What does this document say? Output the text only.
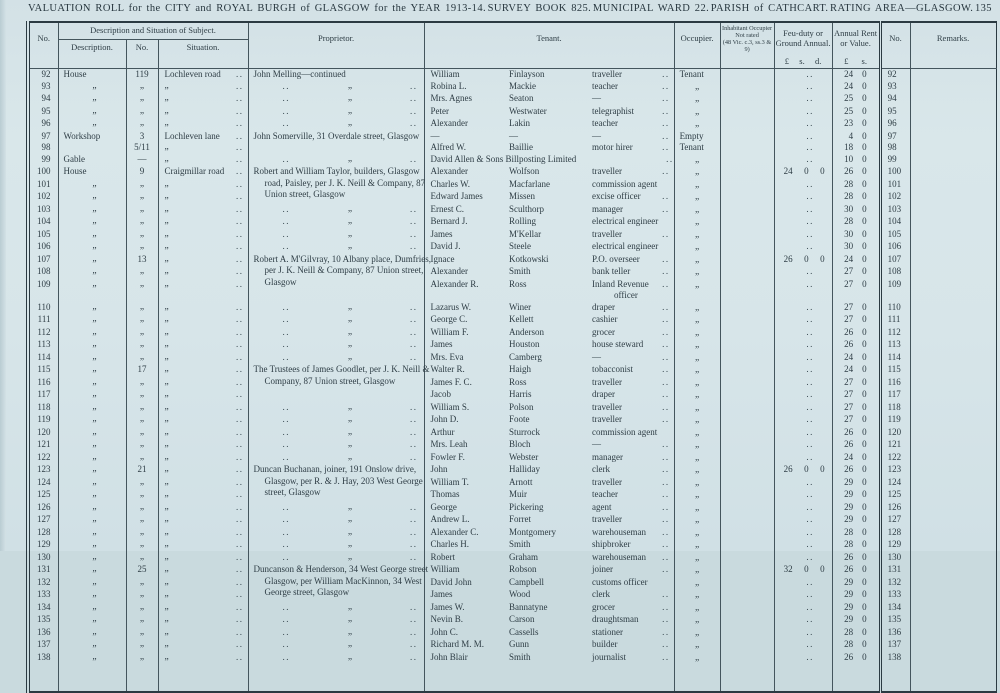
VALUATION ROLL for the CITY and ROYAL BURGH of GLASGOW for the YEAR 1913-14. SURVEY BOOK 825. MUNICIPAL WARD 22. PARISH of CATHCART. RATING AREA—GLASGOW. 135
No.	Description and Situation of Subject.			Proprietor.	Tenant.			Occupier.	Inhabitant Occupier
Not rated
(48 Vic. c.3, ss.3 & 9)	Feu-duty or Ground Annual.	Annual Rent or Value.	No.	Remarks.
	Description.	No.	Situation.										

										£ s. d.	£ s.		

92	House	119	Lochleven road ..	John Melling—continued	William	Finlayson	traveller ..	Tenant		..	24 0	92	
93	„	„	„ ..	.. „ ..	Robina L.	Mackie	teacher ..	„		..	24 0	93	
94	„	„	„ ..	.. „ ..	Mrs. Agnes	Seaton	— ..	„		..	25 0	94	
95	„	„	„ ..	.. „ ..	Peter	Westwater	telegraphist ..	„		..	25 0	95	
96	„	„	„ ..	.. „ ..	Alexander	Lakin	teacher ..	„		..	23 0	96	
97	Workshop	3	Lochleven lane ..	John Somerville, 31 Overdale street, Glasgow	—	—	— ..	Empty		..	4 0	97	
98		5/11	„ ..		Alfred W.	Baillie	motor hirer ..	Tenant		..	18 0	98	
99	Gable	—	„ ..	.. „ ..	David Allen & Sons Billposting Limited ..			„		..	10 0	99	
100	House	9	Craigmillar road ..	Robert and William Taylor, builders, Glasgow road, Paisley, per J. K. Neill & Company, 87 Union street, Glasgow	Alexander	Wolfson	traveller ..	„		24 0 0	26 0	100	
101	„	„	„ ..		Charles W.	Macfarlane	commission agent	„		..	28 0	101	
102	„	„	„ ..		Edward James	Missen	excise officer ..	„		..	28 0	102	
103	„	„	„ ..	.. „ ..	Ernest C.	Sculthorp	manager ..	„		..	30 0	103	
104	„	„	„ ..	.. „ ..	Bernard J.	Rolling	electrical engineer	„		..	28 0	104	
105	„	„	„ ..	.. „ ..	James	M'Kellar	traveller ..	„		..	30 0	105	
106	„	„	„ ..	.. „ ..	David J.	Steele	electrical engineer	„		..	30 0	106	
107	„	13	„ ..	Robert A. M'Gilvray, 10 Albany place, Dumfries, per J. K. Neill & Company, 87 Union street, Glasgow	Ignace	Kotkowski	P.O. overseer ..	„		26 0 0	24 0	107	
108	„	„	„ ..		Alexander	Smith	bank teller ..	„		..	27 0	108	
109	„	„	„ ..		Alexander R.	Ross	Inland Revenue ..
officer	„		..	27 0	109	
110	„	„	„ ..	.. „ ..	Lazarus W.	Winer	draper ..	„		..	27 0	110	
111	„	„	„ ..	.. „ ..	George C.	Kellett	cashier ..	„		..	27 0	111	
112	„	„	„ ..	.. „ ..	William F.	Anderson	grocer ..	„		..	26 0	112	
113	„	„	„ ..	.. „ ..	James	Houston	house steward ..	„		..	26 0	113	
114	„	„	„ ..	.. „ ..	Mrs. Eva	Camberg	— ..	„		..	24 0	114	
115	„	17	„ ..	The Trustees of James Goodlet, per J. K. Neill & Company, 87 Union street, Glasgow	Walter R.	Haigh	tobacconist ..	„		..	24 0	115	
116	„	„	„ ..		James F. C.	Ross	traveller ..	„		..	27 0	116	
117	„	„	„ ..		Jacob	Harris	draper ..	„		..	27 0	117	
118	„	„	„ ..	.. „ ..	William S.	Polson	traveller ..	„		..	27 0	118	
119	„	„	„ ..	.. „ ..	John D.	Foote	traveller ..	„		..	27 0	119	
120	„	„	„ ..	.. „ ..	Arthur	Sturrock	commission agent	„		..	26 0	120	
121	„	„	„ ..	.. „ ..	Mrs. Leah	Bloch	— ..	„		..	26 0	121	
122	„	„	„ ..	.. „ ..	Fowler F.	Webster	manager ..	„		..	24 0	122	
123	„	21	„ ..	Duncan Buchanan, joiner, 191 Onslow drive, Glasgow, per R. & J. Hay, 203 West George street, Glasgow	John	Halliday	clerk ..	„		26 0 0	26 0	123	
124	„	„	„ ..		William T.	Arnott	traveller ..	„		..	29 0	124	
125	„	„	„ ..		Thomas	Muir	teacher ..	„		..	29 0	125	
126	„	„	„ ..	.. „ ..	George	Pickering	agent ..	„		..	29 0	126	
127	„	„	„ ..	.. „ ..	Andrew L.	Forret	traveller ..	„		..	29 0	127	
128	„	„	„ ..	.. „ ..	Alexander C.	Montgomery	warehouseman ..	„		..	28 0	128	
129	„	„	„ ..	.. „ ..	Charles H.	Smith	shipbroker ..	„		..	28 0	129	
130	„	„	„ ..	.. „ ..	Robert	Graham	warehouseman ..	„		..	26 0	130	
131	„	25	„ ..	Duncanson & Henderson, 34 West George street Glasgow, per William MacKinnon, 34 West George street, Glasgow	William	Robson	joiner ..	„		32 0 0	26 0	131	
132	„	„	„ ..		David John	Campbell	customs officer	„		..	29 0	132	
133	„	„	„ ..		James	Wood	clerk ..	„		..	29 0	133	
134	„	„	„ ..	.. „ ..	James W.	Bannatyne	grocer ..	„		..	29 0	134	
135	„	„	„ ..	.. „ ..	Nevin B.	Carson	draughtsman ..	„		..	29 0	135	
136	„	„	„ ..	.. „ ..	John C.	Cassells	stationer ..	„		..	28 0	136	
137	„	„	„ ..	.. „ ..	Richard M. M.	Gunn	builder ..	„		..	28 0	137	
138	„	„	„ ..	.. „ ..	John Blair	Smith	journalist ..	„		..	26 0	138	
